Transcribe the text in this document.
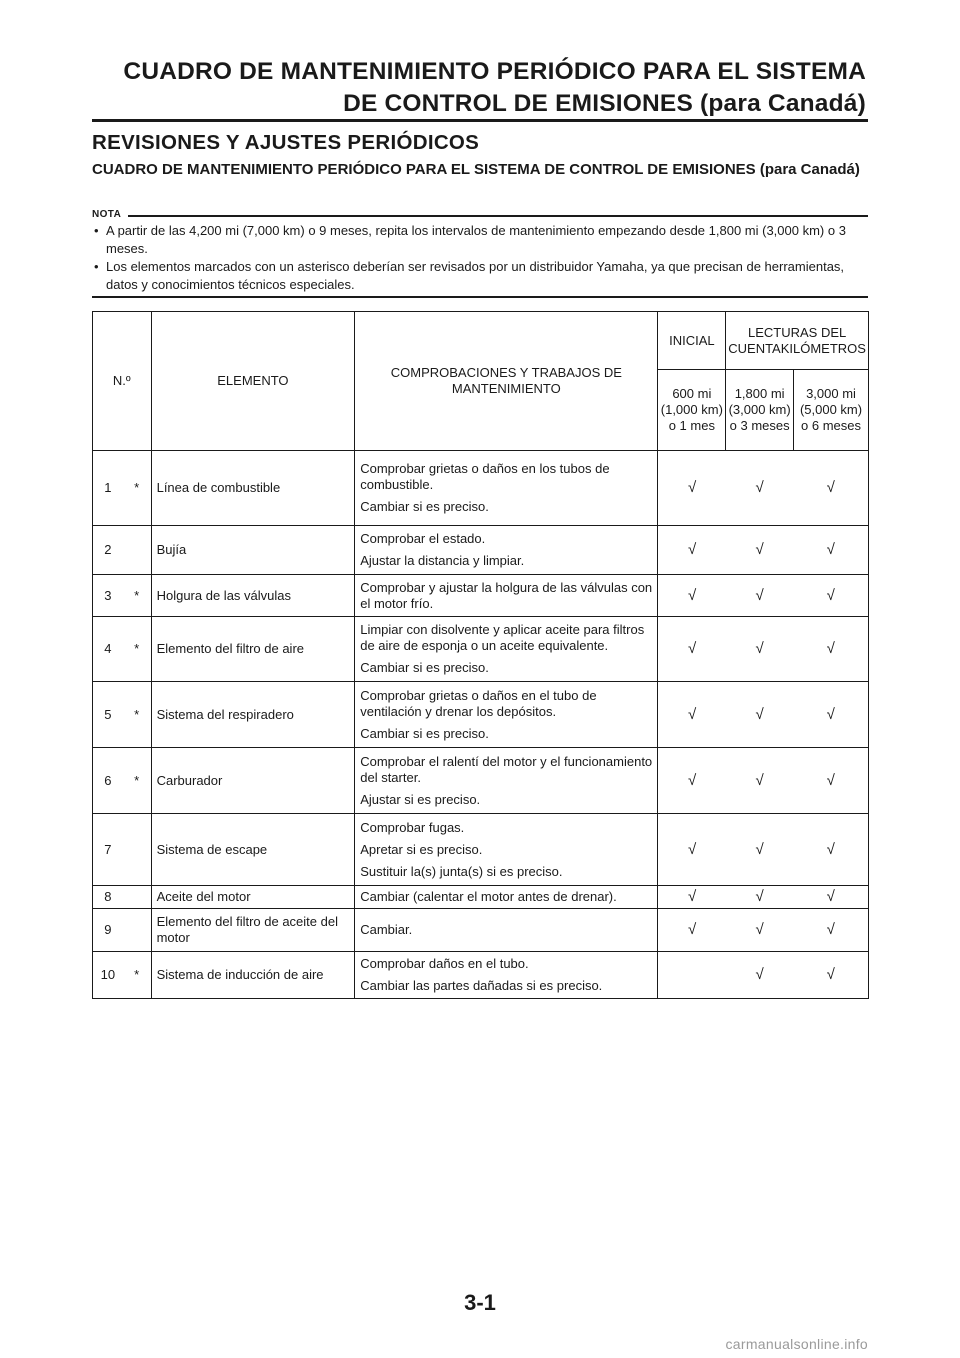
CUADRO DE MANTENIMIENTO PERIÓDICO PARA EL SISTEMA
DE CONTROL DE EMISIONES (para Canadá)
REVISIONES Y AJUSTES PERIÓDICOS
CUADRO DE MANTENIMIENTO PERIÓDICO PARA EL SISTEMA DE CONTROL DE EMISIONES (para Canadá)
NOTA

• A partir de las 4,200 mi (7,000 km) o 9 meses, repita los intervalos de mantenimiento empezando desde 1,800 mi (3,000 km) o 3 meses.

• Los elementos marcados con un asterisco deberían ser revisados por un distribuidor Yamaha, ya que precisan de herramientas, datos y conocimientos técnicos especiales.

N.º		ELEMENTO	COMPROBACIONES Y TRABAJOS DE MANTENIMIENTO	INICIAL	LECTURAS DEL CUENTAKILÓMETROS	
				600 mi (1,000 km) o 1 mes	1,800 mi (3,000 km) o 3 meses	3,000 mi (5,000 km) o 6 meses
1	*	Línea de combustible	Comprobar grietas o daños en los tubos de combustible.

Cambiar si es preciso.	√	√	√
2		Bujía	Comprobar el estado.

Ajustar la distancia y limpiar.	√	√	√
3	*	Holgura de las válvulas	Comprobar y ajustar la holgura de las válvulas con el motor frío.	√	√	√
4	*	Elemento del filtro de aire	Limpiar con disolvente y aplicar aceite para filtros de aire de esponja o un aceite equivalente.

Cambiar si es preciso.	√	√	√
5	*	Sistema del respiradero	Comprobar grietas o daños en el tubo de ventilación y drenar los depósitos.

Cambiar si es preciso.	√	√	√
6	*	Carburador	Comprobar el ralentí del motor y el funcionamiento del starter.

Ajustar si es preciso.	√	√	√
7		Sistema de escape	Comprobar fugas.

Apretar si es preciso.

Sustituir la(s) junta(s) si es preciso.	√	√	√
8		Aceite del motor	Cambiar (calentar el motor antes de drenar).	√	√	√
9		Elemento del filtro de aceite del motor	Cambiar.	√	√	√
10	*	Sistema de inducción de aire	Comprobar daños en el tubo.

Cambiar las partes dañadas si es preciso.		√	√
3-1
carmanualsonline.info
